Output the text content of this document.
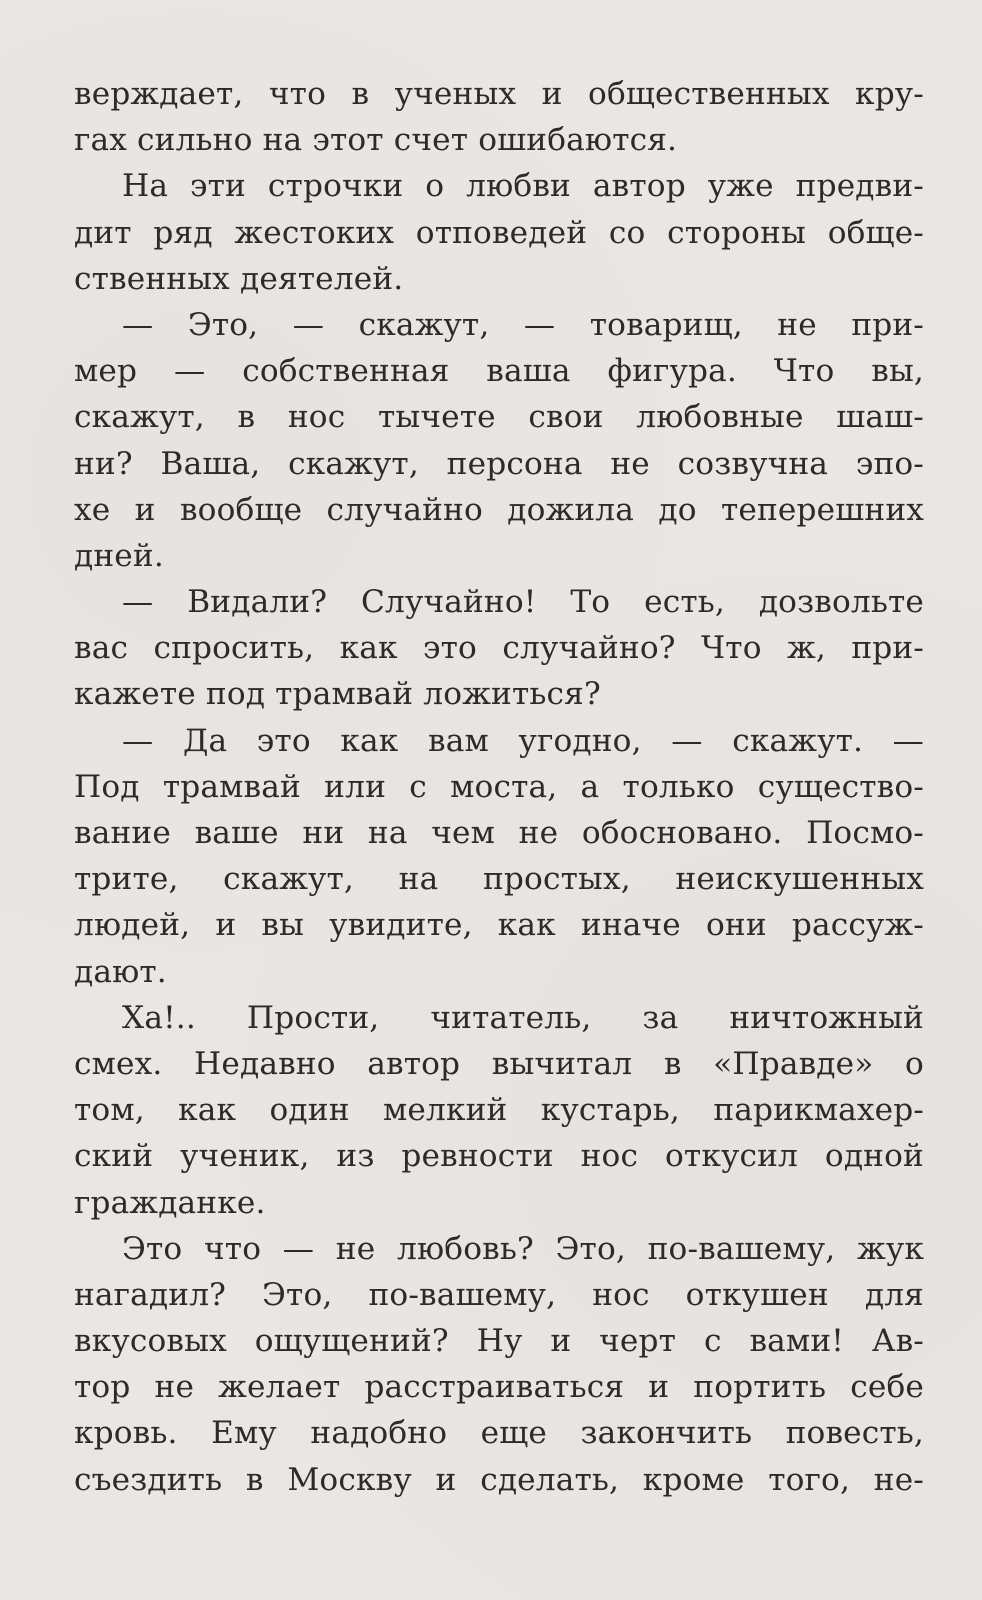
верждает, что в ученых и общественных кру-
гах сильно на этот счет ошибаются.
На эти строчки о любви автор уже предви-
дит ряд жестоких отповедей со стороны обще-
ственных деятелей.
— Это, — скажут, — товарищ, не при-
мер — собственная ваша фигура. Что вы,
скажут, в нос тычете свои любовные шаш-
ни? Ваша, скажут, персона не созвучна эпо-
хе и вообще случайно дожила до теперешних
дней.
— Видали? Случайно! То есть, дозвольте
вас спросить, как это случайно? Что ж, при-
кажете под трамвай ложиться?
— Да это как вам угодно, — скажут. —
Под трамвай или с моста, а только существо-
вание ваше ни на чем не обосновано. Посмо-
трите, скажут, на простых, неискушенных
людей, и вы увидите, как иначе они рассуж-
дают.
Ха!.. Прости, читатель, за ничтожный
смех. Недавно автор вычитал в «Правде» о
том, как один мелкий кустарь, парикмахер-
ский ученик, из ревности нос откусил одной
гражданке.
Это что — не любовь? Это, по-вашему, жук
нагадил? Это, по-вашему, нос откушен для
вкусовых ощущений? Ну и черт с вами! Ав-
тор не желает расстраиваться и портить себе
кровь. Ему надобно еще закончить повесть,
съездить в Москву и сделать, кроме того, не-
